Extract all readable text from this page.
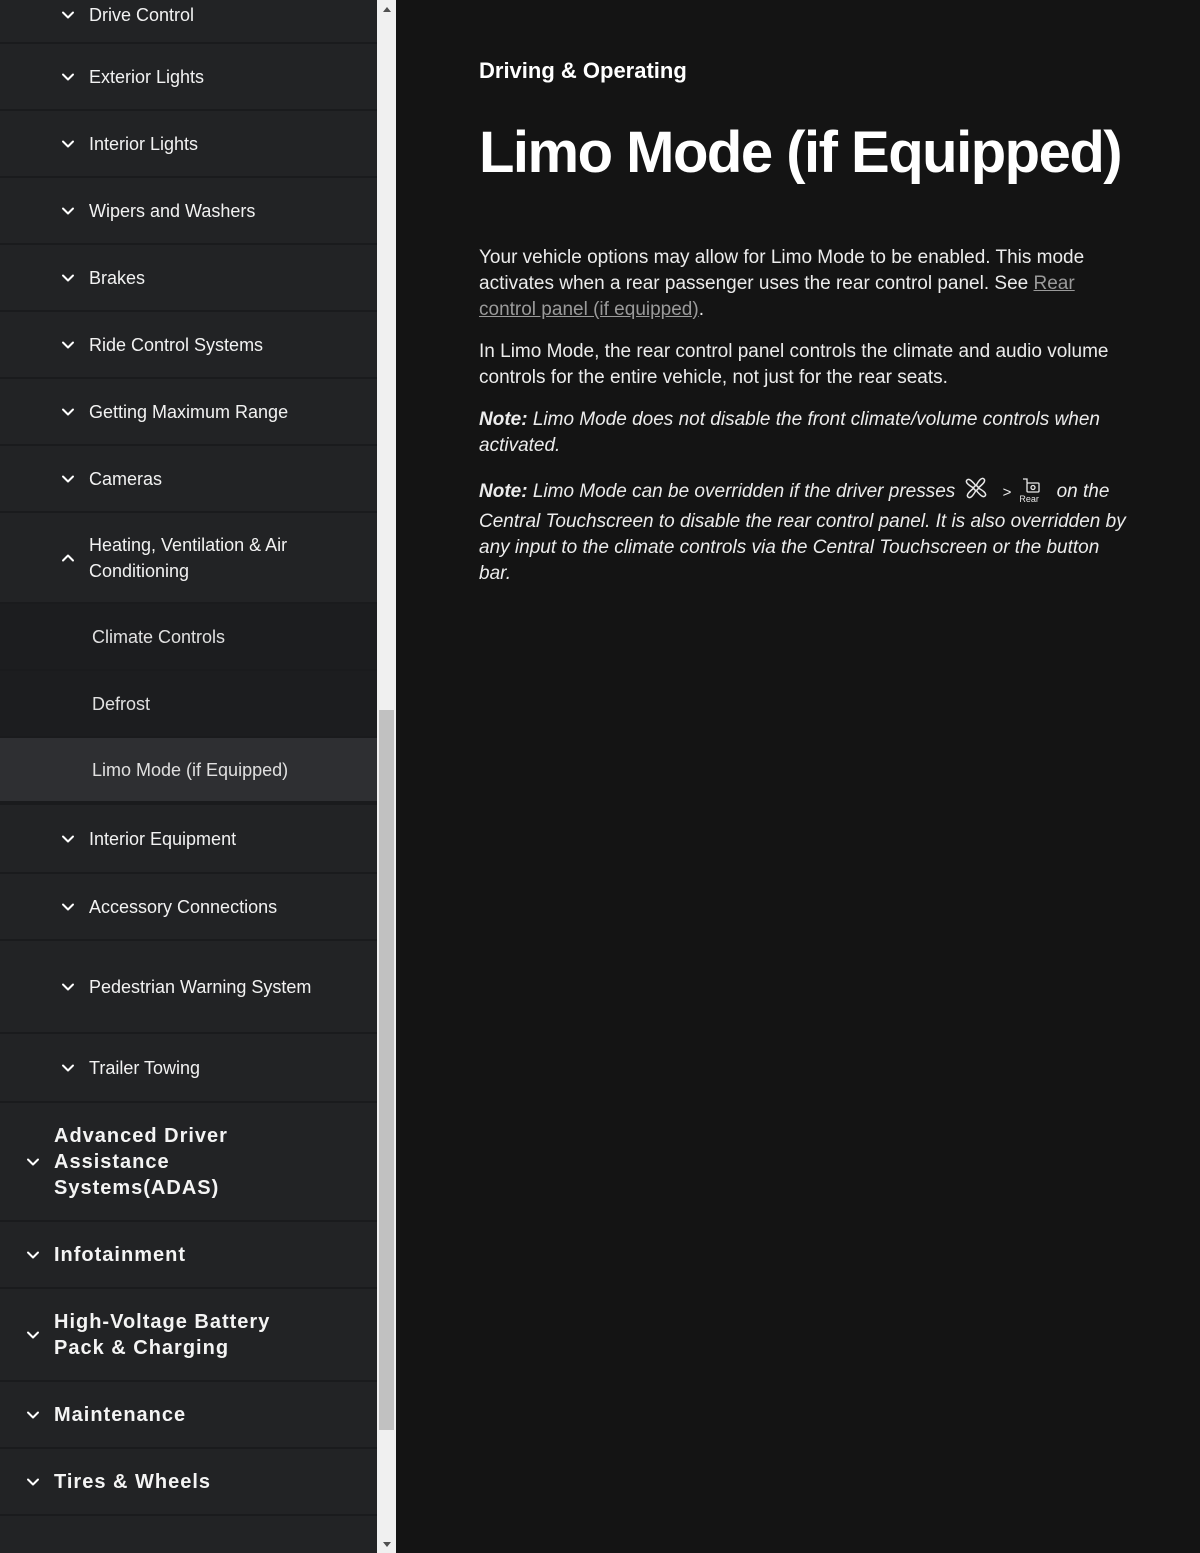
Drive Control
Exterior Lights
Interior Lights
Wipers and Washers
Brakes
Ride Control Systems
Getting Maximum Range
Cameras
Heating, Ventilation & Air Conditioning
Climate Controls
Defrost
Limo Mode (if Equipped)
Interior Equipment
Accessory Connections
Pedestrian Warning System
Trailer Towing
Advanced Driver Assistance Systems(ADAS)
Infotainment
High-Voltage Battery Pack & Charging
Maintenance
Tires & Wheels
Driving & Operating
Limo Mode (if Equipped)

Your vehicle options may allow for Limo Mode to be enabled. This mode activates when a rear passenger uses the rear control panel. See Rear control panel (if equipped).

In Limo Mode, the rear control panel controls the climate and audio volume controls for the entire vehicle, not just for the rear seats.

Note: Limo Mode does not disable the front climate/volume controls when activated.

Note: Limo Mode can be overridden if the driver presses	> Rear on the Central Touchscreen to disable the rear control panel. It is also overridden by any input to the climate controls via the Central Touchscreen or the button bar.
